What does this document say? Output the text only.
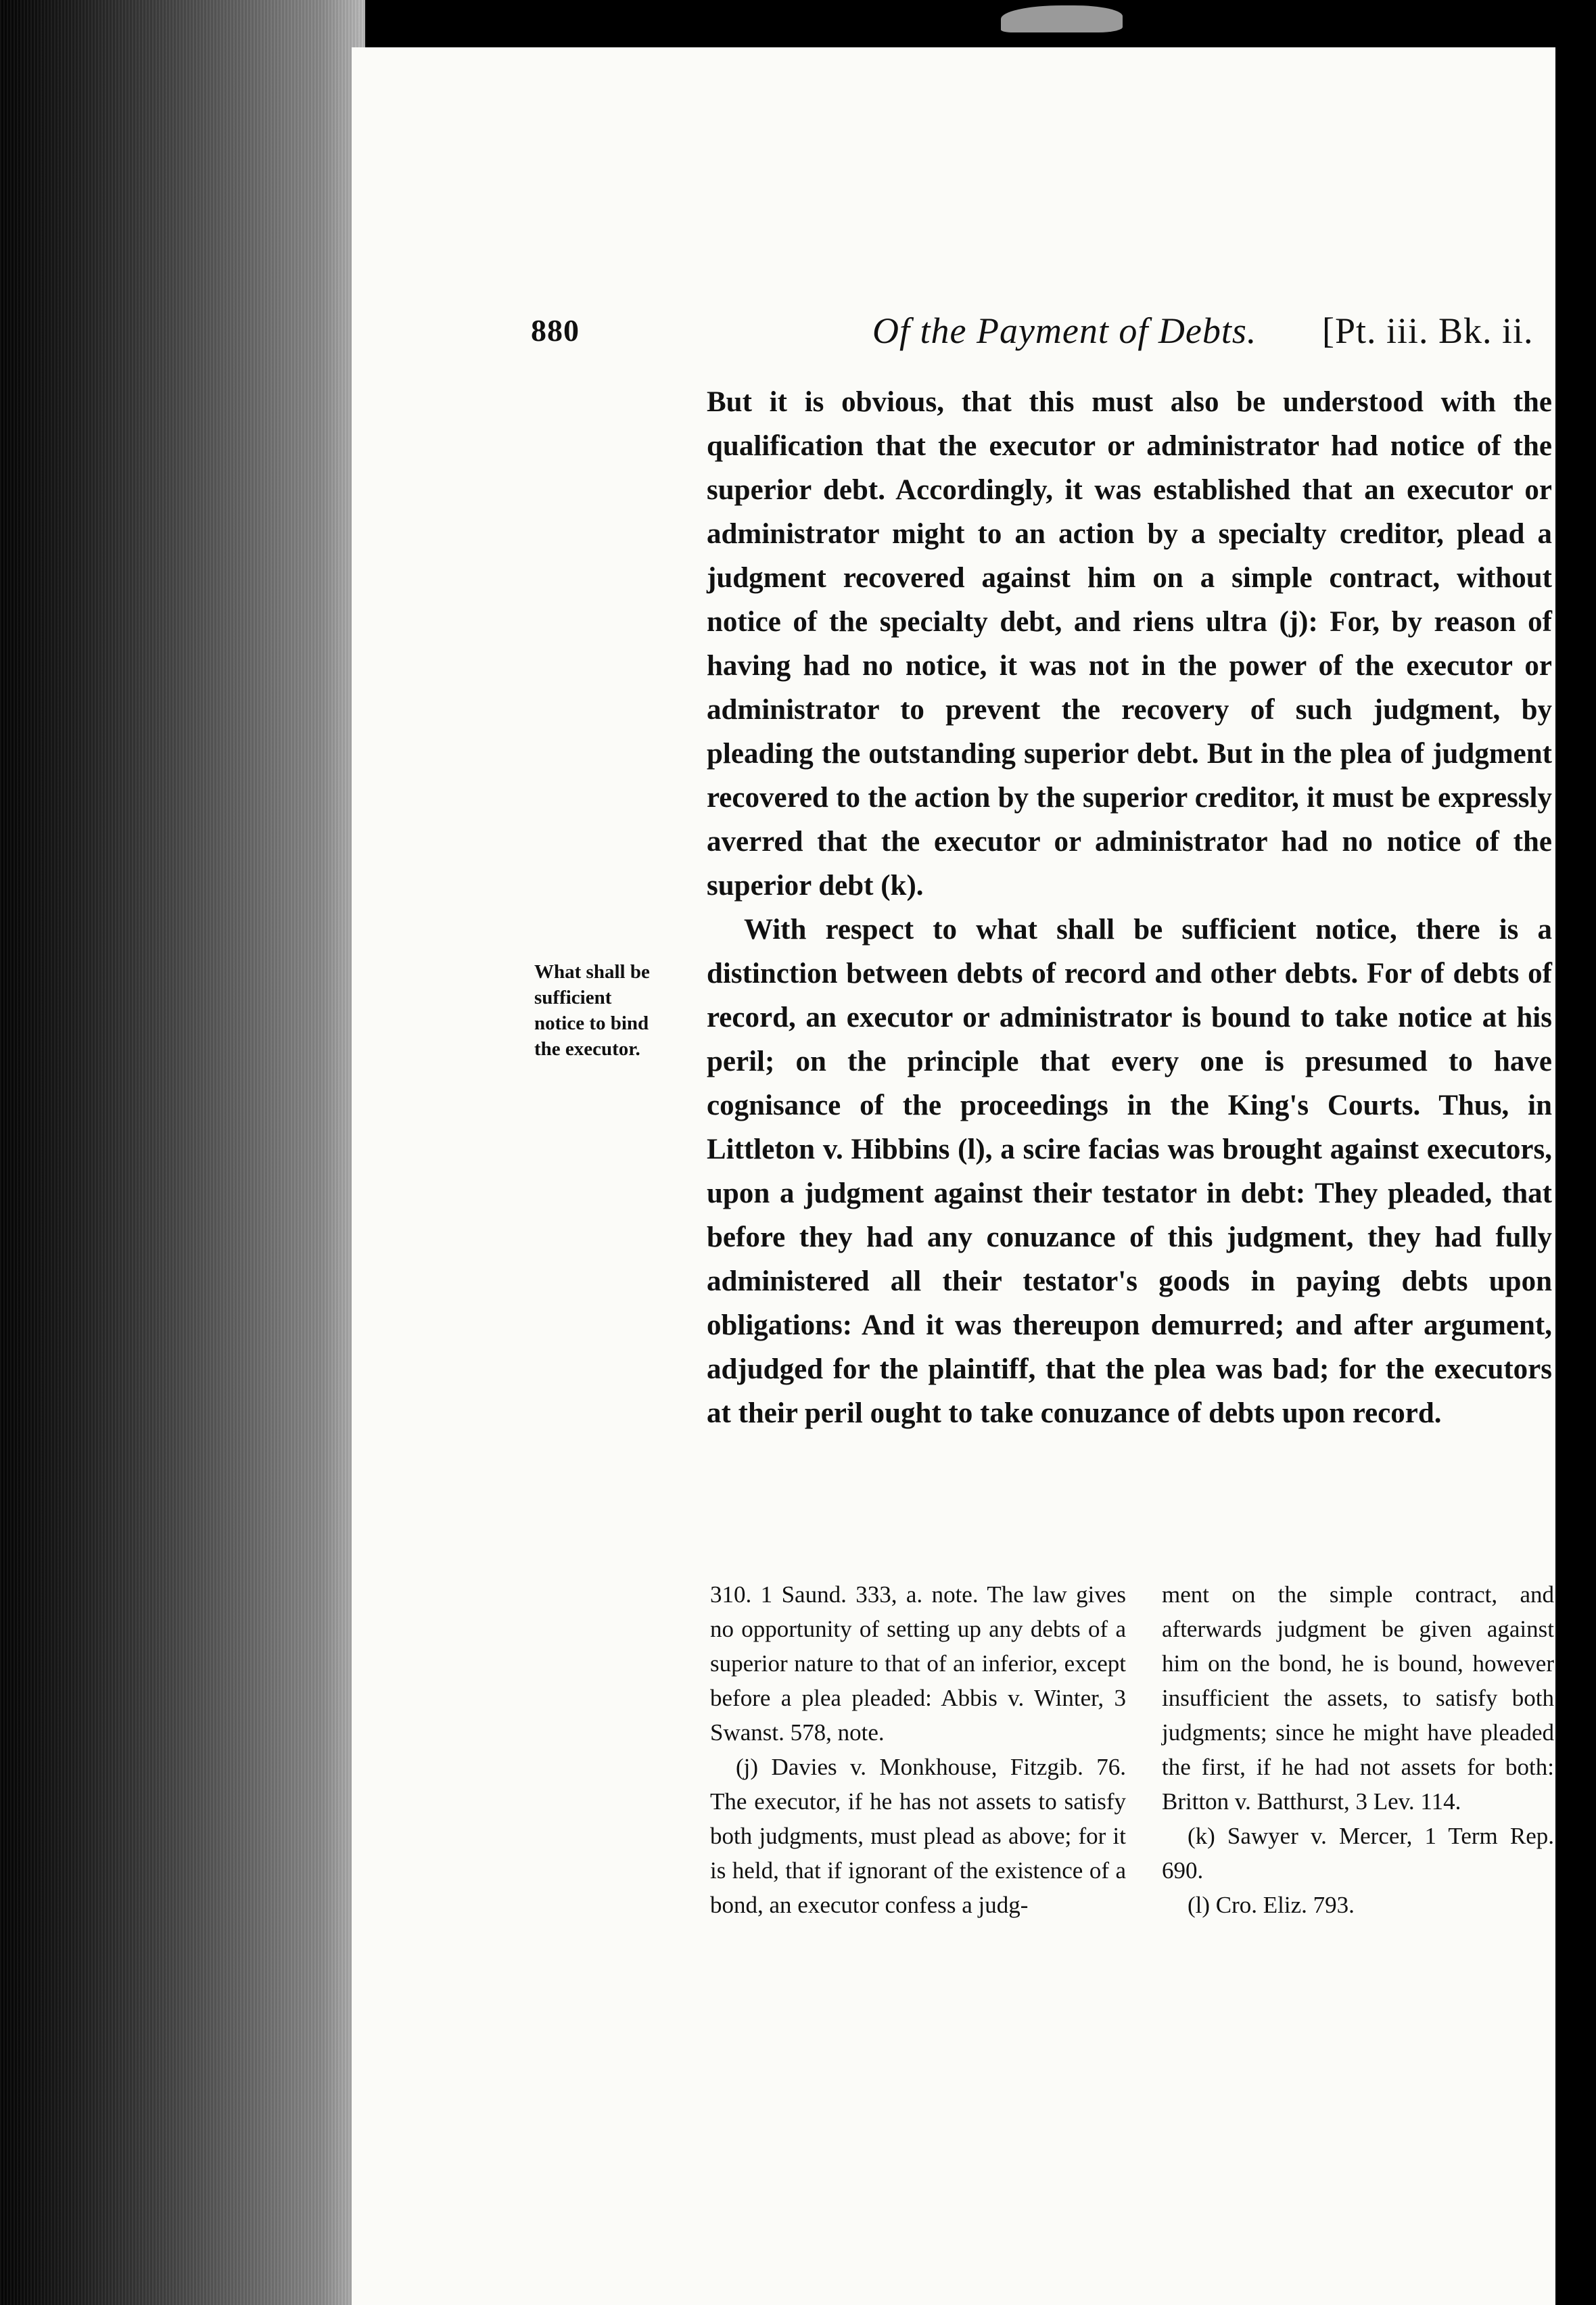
880	Of the Payment of Debts. [Pt. iii. Bk. ii.
What shall be
sufficient
notice to bind
the executor.

But it is obvious, that this must also be understood with the qualification that the executor or administrator had notice of the superior debt. Accordingly, it was established that an executor or administrator might to an action by a specialty creditor, plead a judgment recovered against him on a simple contract, without notice of the specialty debt, and riens ultra (j): For, by reason of having had no notice, it was not in the power of the executor or administrator to prevent the recovery of such judgment, by pleading the outstanding superior debt. But in the plea of judgment recovered to the action by the superior creditor, it must be expressly averred that the executor or administrator had no notice of the superior debt (k).

With respect to what shall be sufficient notice, there is a distinction between debts of record and other debts. For of debts of record, an executor or administrator is bound to take notice at his peril; on the principle that every one is presumed to have cognisance of the proceedings in the King's Courts. Thus, in Littleton v. Hibbins (l), a scire facias was brought against executors, upon a judgment against their testator in debt: They pleaded, that before they had any conuzance of this judgment, they had fully administered all their testator's goods in paying debts upon obligations: And it was thereupon demurred; and after argument, adjudged for the plaintiff, that the plea was bad; for the executors at their peril ought to take conuzance of debts upon record.

310. 1 Saund. 333, a. note. The law gives no opportunity of setting up any debts of a superior nature to that of an inferior, except before a plea pleaded: Abbis v. Winter, 3 Swanst. 578, note.

(j) Davies v. Monkhouse, Fitzgib. 76. The executor, if he has not assets to satisfy both judgments, must plead as above; for it is held, that if ignorant of the existence of a bond, an executor confess a judg-

ment on the simple contract, and afterwards judgment be given against him on the bond, he is bound, however insufficient the assets, to satisfy both judgments; since he might have pleaded the first, if he had not assets for both: Britton v. Batthurst, 3 Lev. 114.

(k) Sawyer v. Mercer, 1 Term Rep. 690.

(l) Cro. Eliz. 793.
